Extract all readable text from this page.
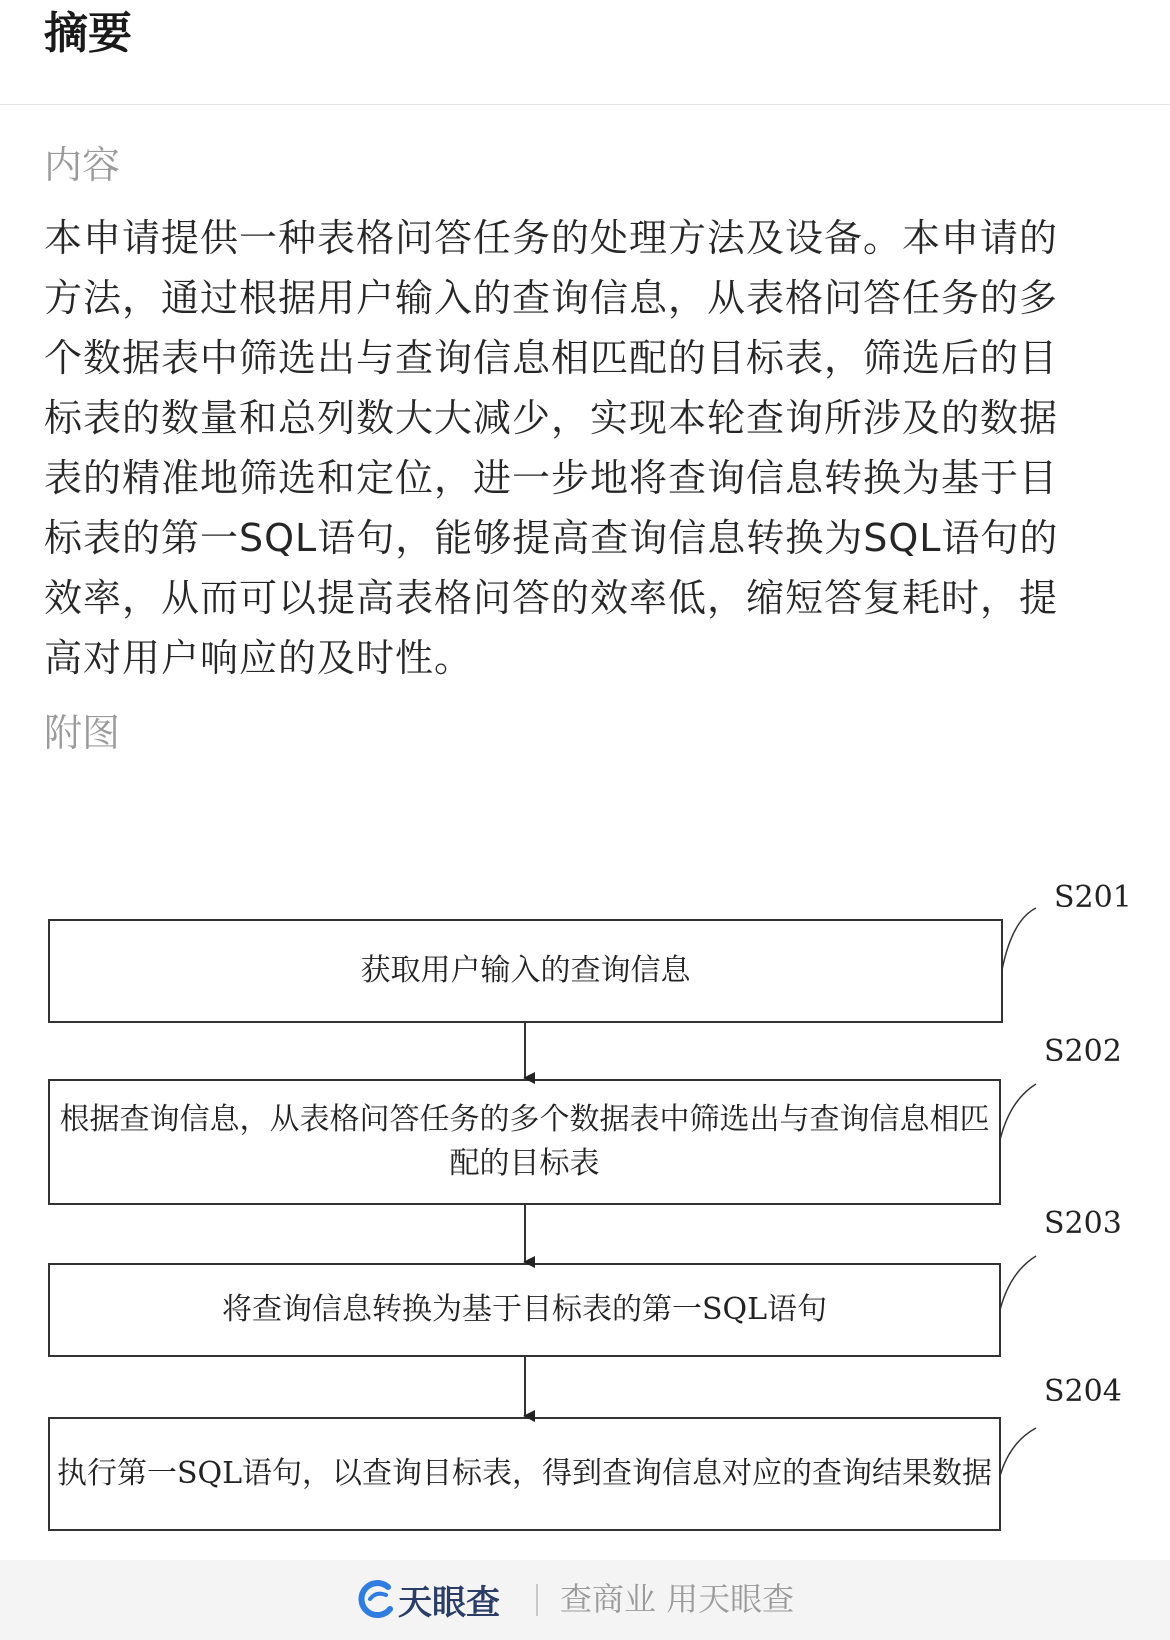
摘要
内容

本申请提供一种表格问答任务的处理方法及设备。本申请的方法，通过根据用户输入的查询信息，从表格问答任务的多个数据表中筛选出与查询信息相匹配的目标表，筛选后的目标表的数量和总列数大大减少，实现本轮查询所涉及的数据表的精准地筛选和定位，进一步地将查询信息转换为基于目标表的第一SQL语句，能够提高查询信息转换为SQL语句的效率，从而可以提高表格问答的效率低，缩短答复耗时，提高对用户响应的及时性。

附图
获取用户输入的查询信息
根据查询信息，从表格问答任务的多个数据表中筛选出与查询信息相匹配的目标表
将查询信息转换为基于目标表的第一SQL语句
执行第一SQL语句，以查询目标表，得到查询信息对应的查询结果数据
S201
S202
S203
S204
天眼查 查商业 用天眼查
